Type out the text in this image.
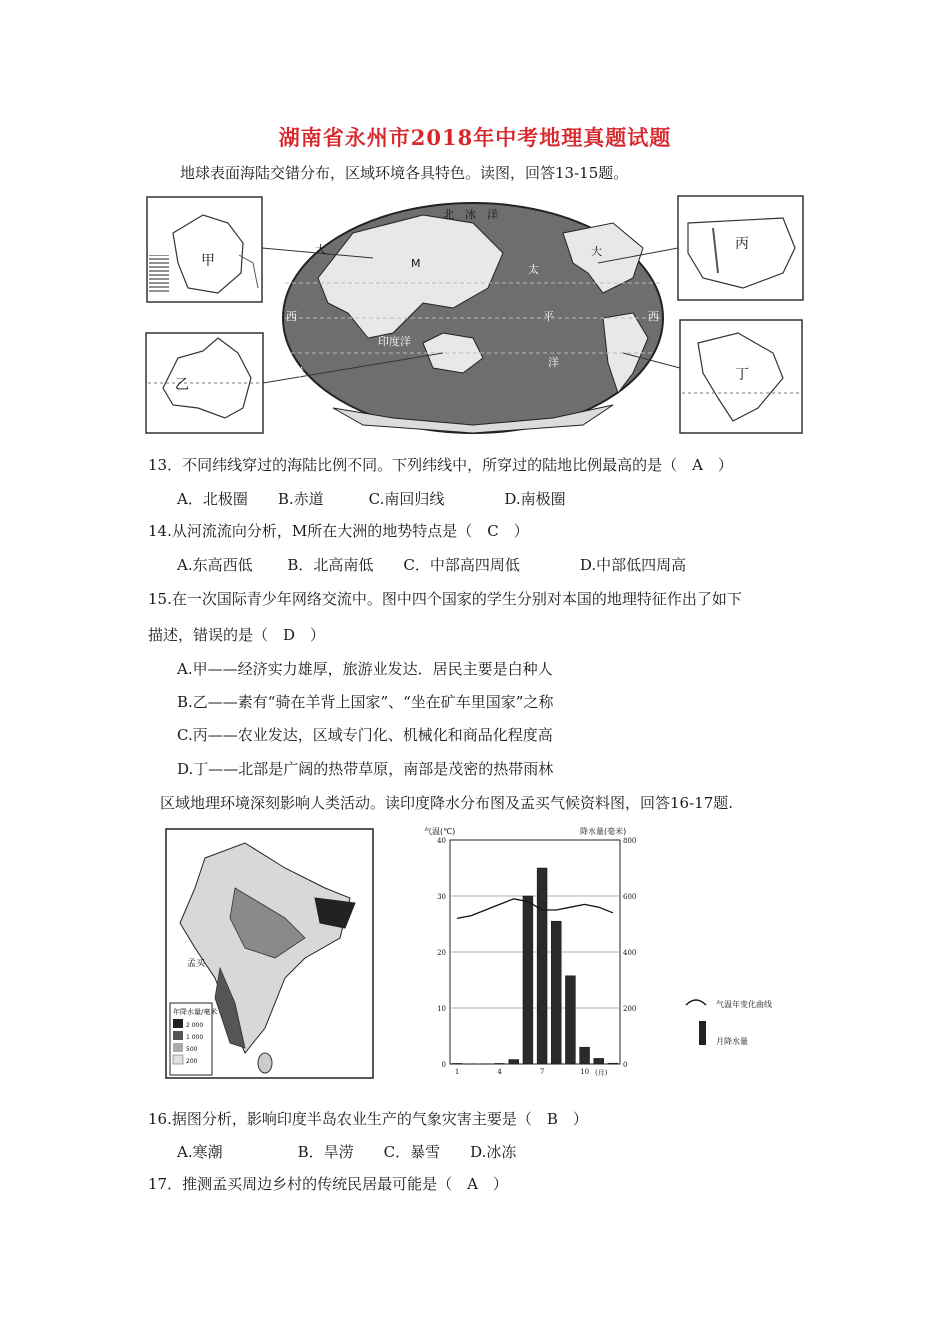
湖南省永州市2018年中考地理真题试题
地球表面海陆交错分布，区域环境各具特色。读图，回答13-15题。
北　冰　洋
M
大	大
太
平
洋
西	西
洋
洋
印度洋
甲
乙
丙
丁
13．不同纬线穿过的海陆比例不同。下列纬线中，所穿过的陆地比例最高的是（　A　）
A．北极圈　　B.赤道　　　C.南回归线　　　　D.南极圈
14.从河流流向分析，M所在大洲的地势特点是（　C　）
A.东高西低　　 B．北高南低　　C．中部高四周低　　　　D.中部低四周高
15.在一次国际青少年网络交流中。图中四个国家的学生分别对本国的地理特征作出了如下
描述，错误的是（　D　）
A.甲——经济实力雄厚，旅游业发达．居民主要是白种人
B.乙——素有“骑在羊背上国家”、“坐在矿车里国家”之称
C.丙——农业发达，区域专门化、机械化和商品化程度高
D.丁——北部是广阔的热带草原，南部是茂密的热帯雨林
区域地理环境深刻影响人类活动。读印度降水分布图及孟买气候资料图，回答16-17题.
年降水量/毫米
2 000
1 000
500
200
孟买
0
10
20
30
40
0
200
400
600
800
1	4	7	10
气温(℃)	降水量(毫米)
(月)
气温年变化曲线
月降水量
16.据图分析，影响印度半岛农业生产的气象灾害主要是（　B　）
A.寒潮　　　　　B．旱涝　　C．暴雪　　D.冰冻
17．推测孟买周边乡村的传统民居最可能是（　A　）
